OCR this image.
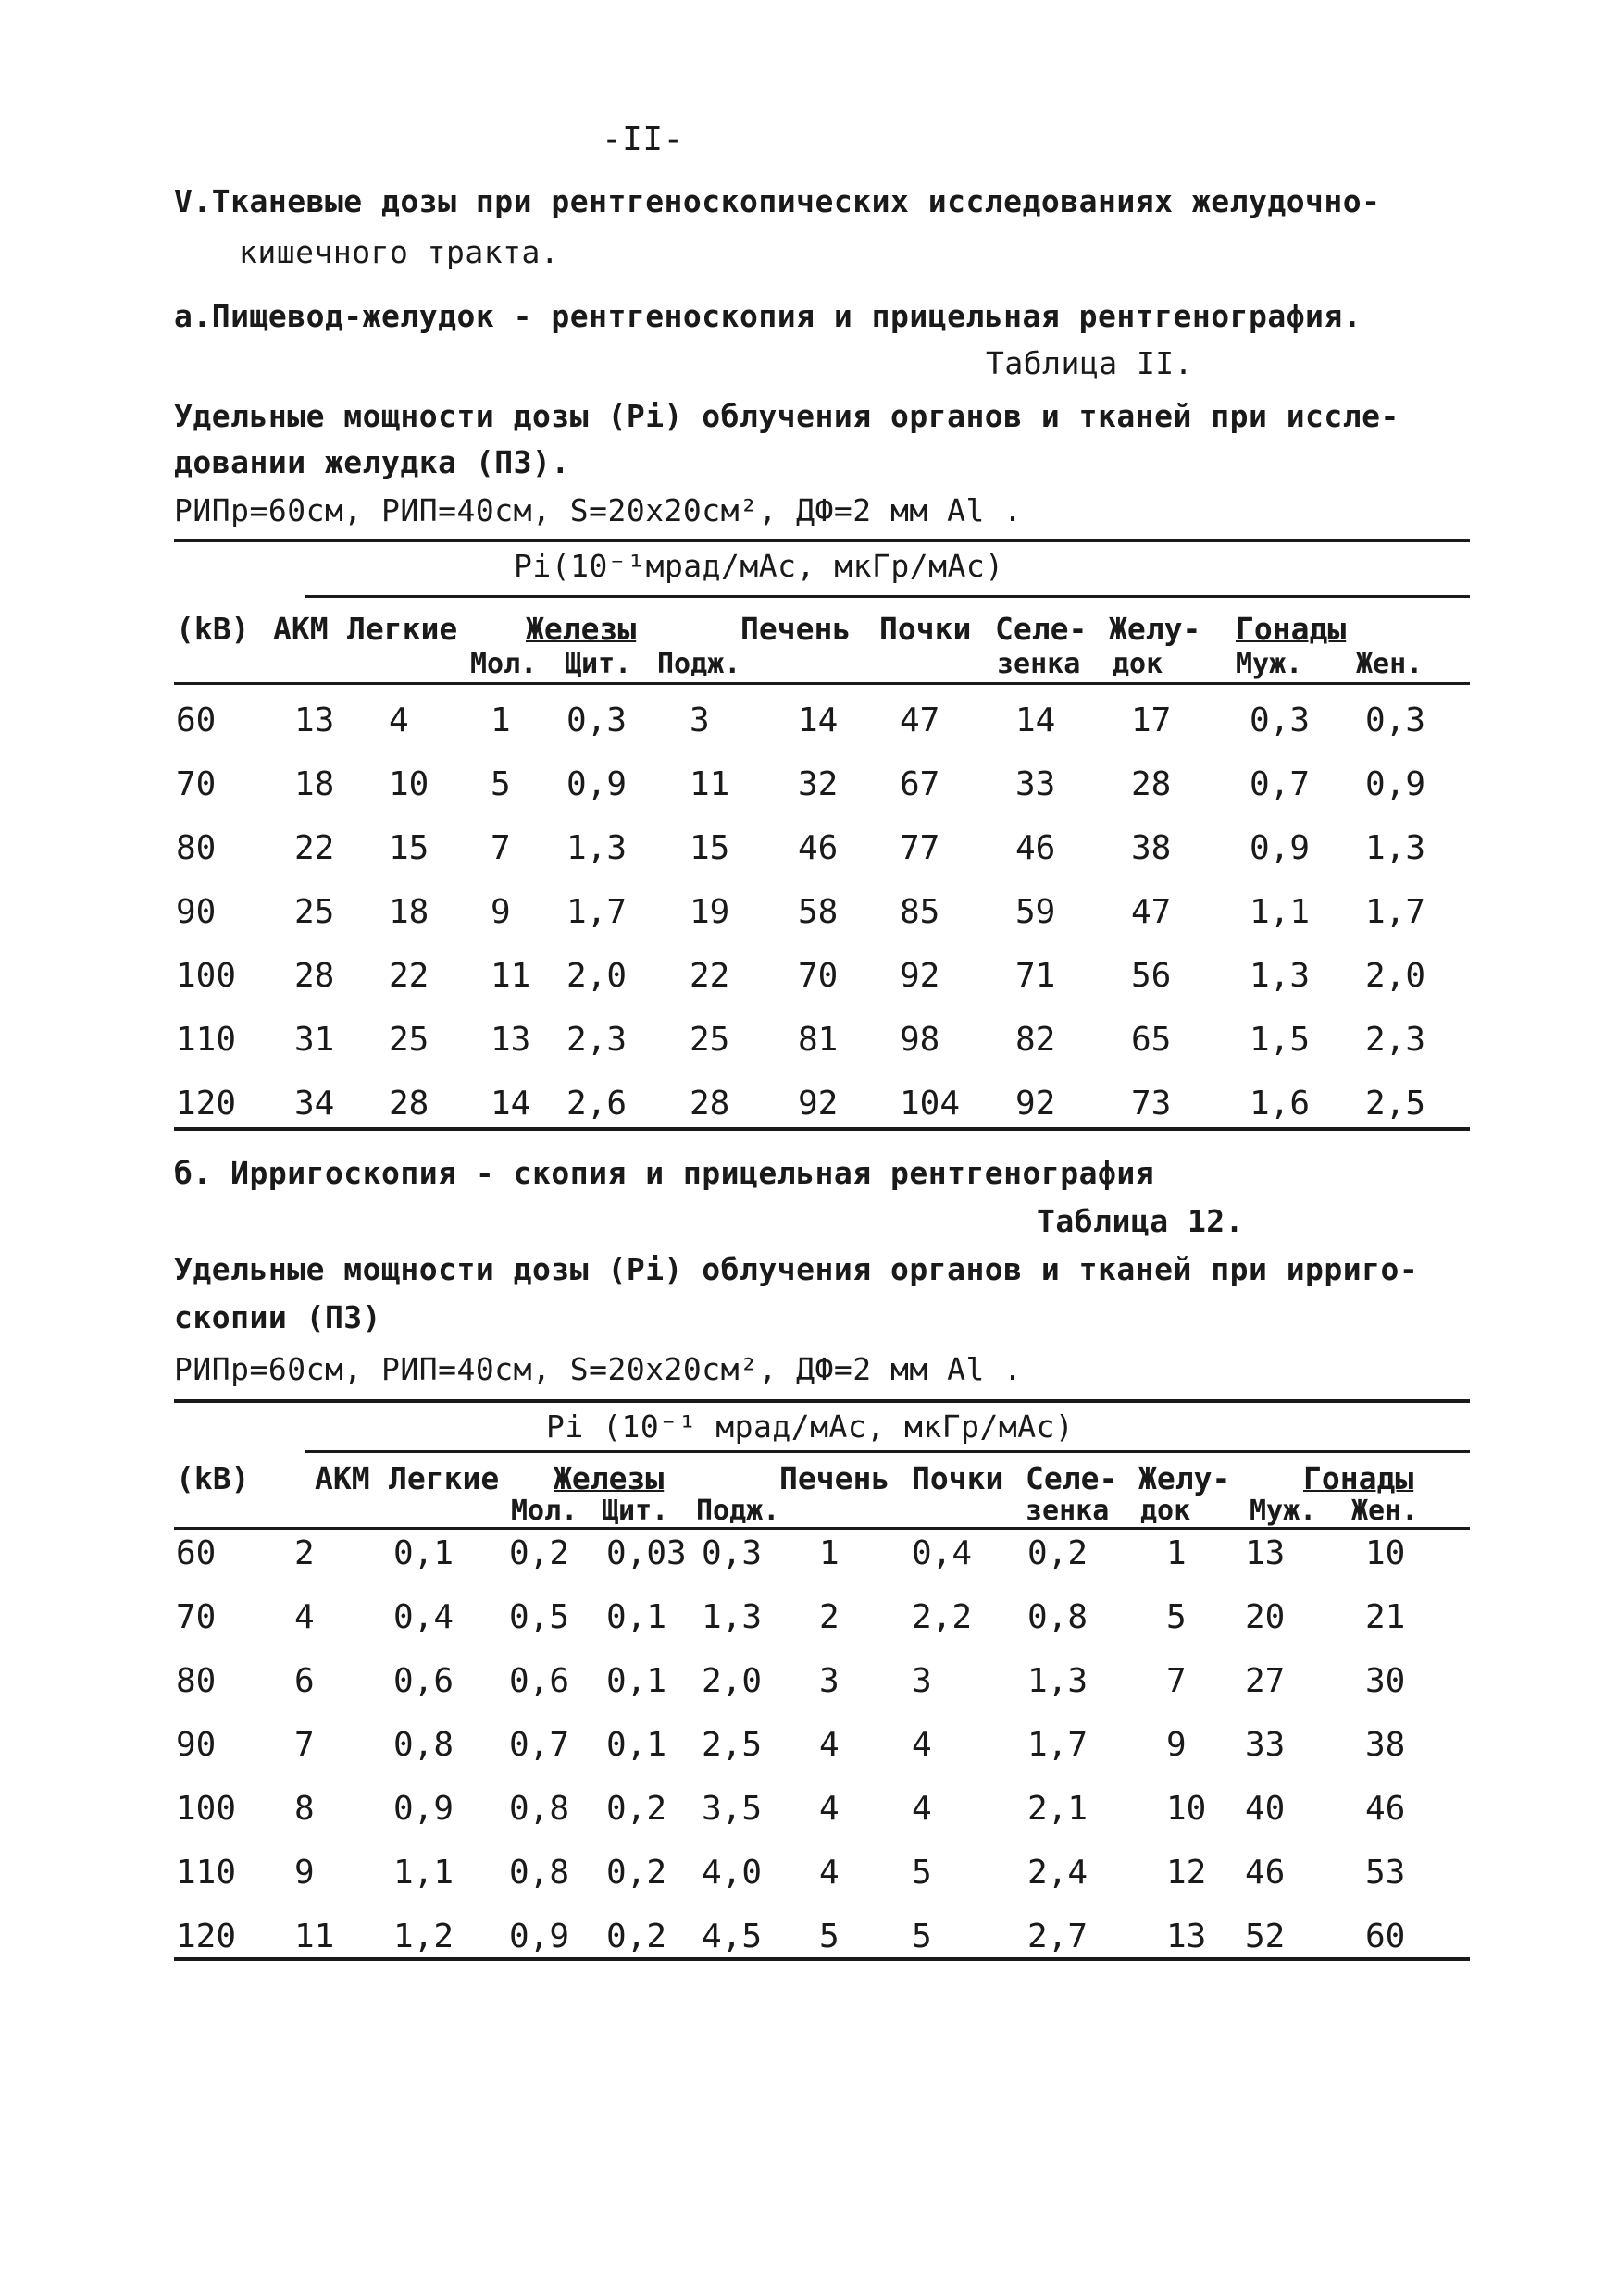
-II-
V.Тканевые дозы при рентгеноскопических исследованиях желудочно-
кишечного тракта.
а.Пищевод-желудок - рентгеноскопия и прицельная рентгенография.
Таблица II.
Удельные мощности дозы (Pi) облучения органов и тканей при иссле-
довании желудка (ПЗ).
РИПр=60см, РИП=40см, S=20х20см², ДФ=2 мм Al .
Pi(10⁻¹мрад/мАс, мкГр/мАс)
(kВ) АКМ Легкие Железы	Печень Почки Селе- Желу- Гонады
Мол. Щит. Подж.	зенка док	Муж. Жен.
60 13 4 1 0,3 3	14 47 14 17 0,3 0,3
70 18 10 5 0,9 11 32 67 33 28 0,7 0,9
80 22 15 7 1,3 15 46 77 46 38 0,9 1,3
90 25 18 9 1,7 19 58 85 59 47 1,1 1,7
100 28 22 11 2,0 22 70 92 71 56 1,3 2,0
110 31 25 13 2,3 25 81 98 82 65 1,5 2,3
120 34 28 14 2,6 28 92 104 92 73 1,6 2,5
б. Ирригоскопия - скопия и прицельная рентгенография
Таблица 12.
Удельные мощности дозы (Pi) облучения органов и тканей при ирриго-
скопии (ПЗ)
РИПр=60см, РИП=40см, S=20х20см², ДФ=2 мм Al .
Pi (10⁻¹ мрад/мАс, мкГр/мАс)
(kВ) АКМ Легкие Железы	Печень Почки Селе- Желу- Гонады
Мол. Щит. Подж.	зенка док Муж. Жен.
60 2 0,1 0,2 0,03 0,3 1 0,4 0,2 1 13 10
70 4 0,4 0,5 0,1 1,3 2 2,2 0,8 5 20 21
80 6 0,6 0,6 0,1 2,0 3 3	1,3 7 27 30
90 7 0,8 0,7 0,1 2,5 4 4	1,7 9 33 38
100 8 0,9 0,8 0,2 3,5 4 4	2,1 10 40 46
110 9 1,1 0,8 0,2 4,0 4 5	2,4 12 46 53
120 11 1,2 0,9 0,2 4,5 5 5	2,7 13 52 60
